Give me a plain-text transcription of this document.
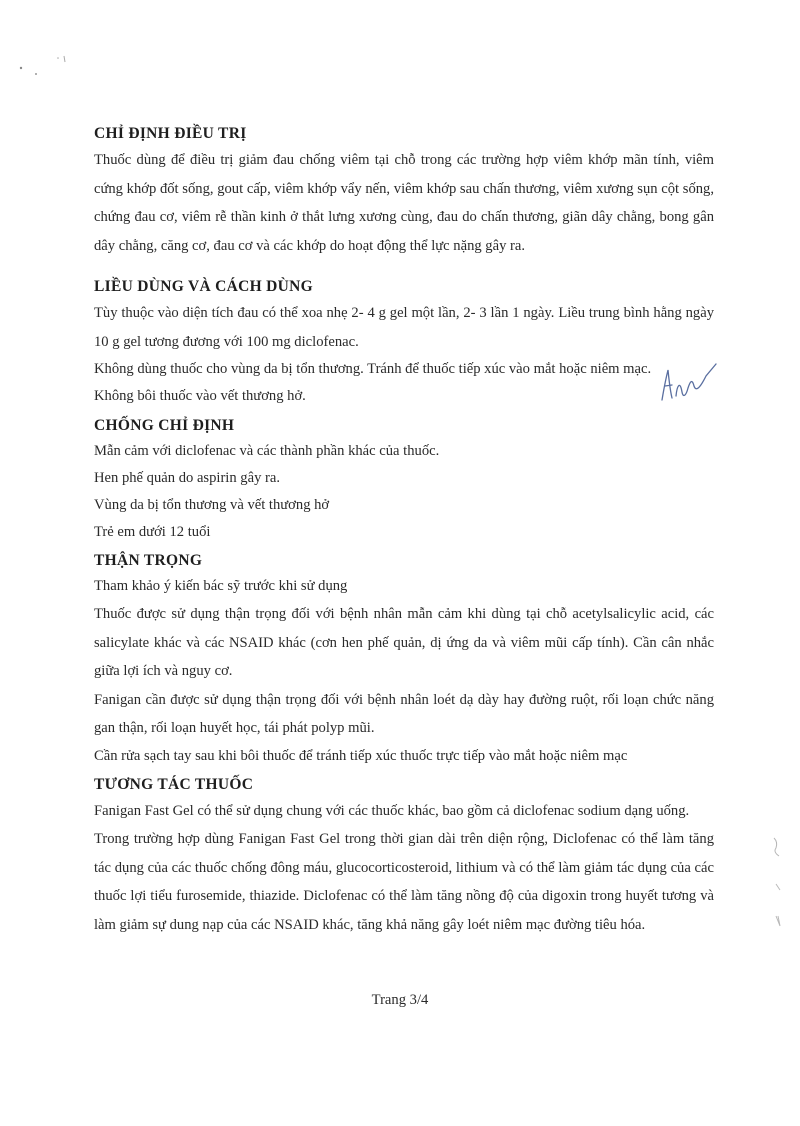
CHỈ ĐỊNH ĐIỀU TRỊ

Thuốc dùng để điều trị giảm đau chống viêm tại chỗ trong các trường hợp viêm khớp mãn tính, viêm cứng khớp đốt sống, gout cấp, viêm khớp vẩy nến, viêm khớp sau chấn thương, viêm xương sụn cột sống, chứng đau cơ, viêm rễ thần kinh ở thắt lưng xương cùng, đau do chấn thương, giãn dây chằng, bong gân dây chằng, căng cơ, đau cơ và các khớp do hoạt động thể lực nặng gây ra.

LIỀU DÙNG VÀ CÁCH DÙNG

Tùy thuộc vào diện tích đau có thể xoa nhẹ 2- 4 g gel một lần, 2- 3 lần 1 ngày. Liều trung bình hằng ngày 10 g gel tương đương với 100 mg diclofenac.

Không dùng thuốc cho vùng da bị tổn thương. Tránh để thuốc tiếp xúc vào mắt hoặc niêm mạc.

Không bôi thuốc vào vết thương hở.

CHỐNG CHỈ ĐỊNH

Mẫn cảm với diclofenac và các thành phần khác của thuốc.

Hen phế quản do aspirin gây ra.

Vùng da bị tổn thương và vết thương hở

Trẻ em dưới 12 tuổi

THẬN TRỌNG

Tham khảo ý kiến bác sỹ trước khi sử dụng

Thuốc được sử dụng thận trọng đối với bệnh nhân mẫn cảm khi dùng tại chỗ acetylsalicylic acid, các salicylate khác và các NSAID khác (cơn hen phế quản, dị ứng da và viêm mũi cấp tính). Cần cân nhắc giữa lợi ích và nguy cơ.

Fanigan cần được sử dụng thận trọng đối với bệnh nhân loét dạ dày hay đường ruột, rối loạn chức năng gan thận, rối loạn huyết học, tái phát polyp mũi.

Cần rửa sạch tay sau khi bôi thuốc để tránh tiếp xúc thuốc trực tiếp vào mắt hoặc niêm mạc

TƯƠNG TÁC THUỐC

Fanigan Fast Gel có thể sử dụng chung với các thuốc khác, bao gồm cả diclofenac sodium dạng uống.

Trong trường hợp dùng Fanigan Fast Gel trong thời gian dài trên diện rộng, Diclofenac có thể làm tăng tác dụng của các thuốc chống đông máu, glucocorticosteroid, lithium và có thể làm giảm tác dụng của các thuốc lợi tiểu furosemide, thiazide. Diclofenac có thể làm tăng nồng độ của digoxin trong huyết tương và làm giảm sự dung nạp của các NSAID khác, tăng khả năng gây loét niêm mạc đường tiêu hóa.

Trang 3/4
